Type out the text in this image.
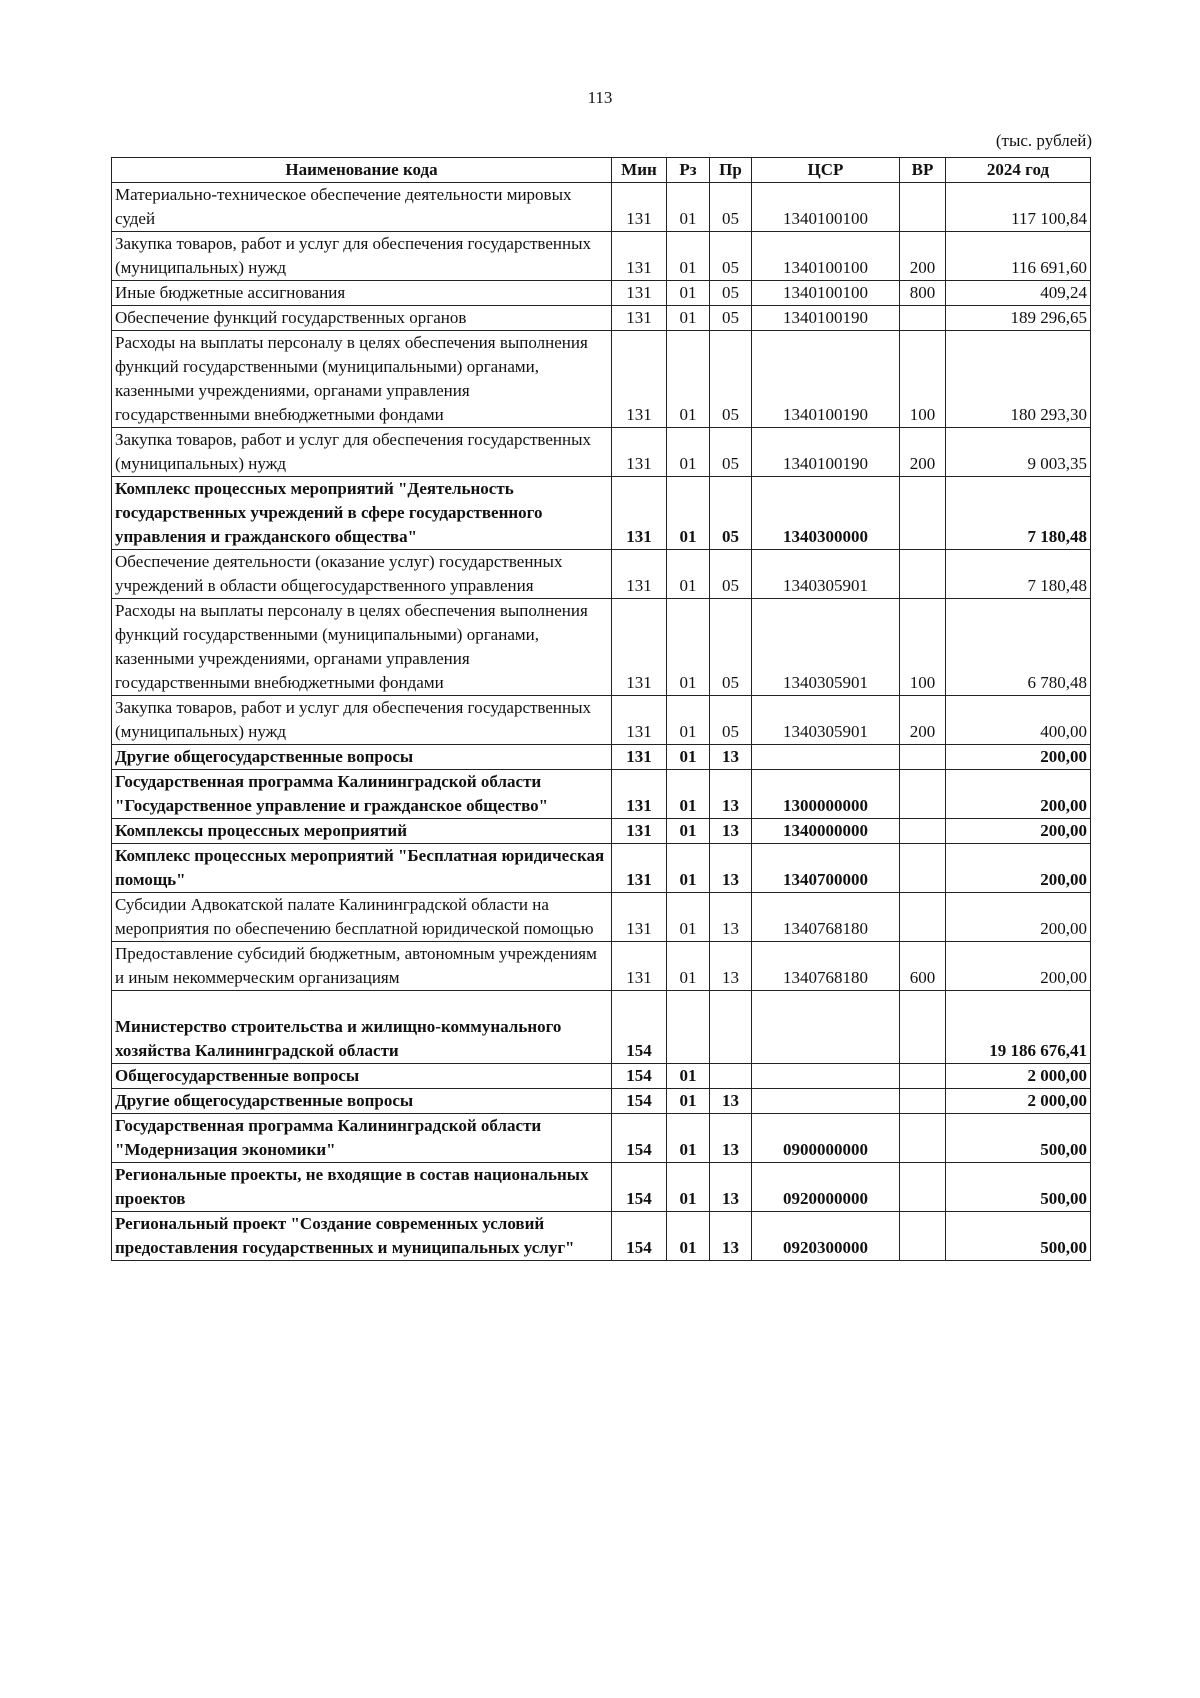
113
(тыс. рублей)
Наименование кода	Мин	Рз	Пр	ЦСР	ВР	2024 год
Материально-техническое обеспечение деятельности мировых судей	131	01	05	1340100100		117 100,84
Закупка товаров, работ и услуг для обеспечения государственных (муниципальных) нужд	131	01	05	1340100100	200	116 691,60
Иные бюджетные ассигнования	131	01	05	1340100100	800	409,24
Обеспечение функций государственных органов	131	01	05	1340100190		189 296,65
Расходы на выплаты персоналу в целях обеспечения выполнения функций государственными (муниципальными) органами, казенными учреждениями, органами управления государственными внебюджетными фондами	131	01	05	1340100190	100	180 293,30
Закупка товаров, работ и услуг для обеспечения государственных (муниципальных) нужд	131	01	05	1340100190	200	9 003,35
Комплекс процессных мероприятий "Деятельность государственных учреждений в сфере государственного управления и гражданского общества"	131	01	05	1340300000		7 180,48
Обеспечение деятельности (оказание услуг) государственных учреждений в области общегосударственного управления	131	01	05	1340305901		7 180,48
Расходы на выплаты персоналу в целях обеспечения выполнения функций государственными (муниципальными) органами, казенными учреждениями, органами управления государственными внебюджетными фондами	131	01	05	1340305901	100	6 780,48
Закупка товаров, работ и услуг для обеспечения государственных (муниципальных) нужд	131	01	05	1340305901	200	400,00
Другие общегосударственные вопросы	131	01	13			200,00
Государственная программа Калининградской области "Государственное управление и гражданское общество"	131	01	13	1300000000		200,00
Комплексы процессных мероприятий	131	01	13	1340000000		200,00
Комплекс процессных мероприятий "Бесплатная юридическая помощь"	131	01	13	1340700000		200,00
Субсидии Адвокатской палате Калининградской области на мероприятия по обеспечению бесплатной юридической помощью	131	01	13	1340768180		200,00
Предоставление субсидий бюджетным, автономным учреждениям и иным некоммерческим организациям	131	01	13	1340768180	600	200,00
Министерство строительства и жилищно-коммунального хозяйства Калининградской области	154					19 186 676,41
Общегосударственные вопросы	154	01				2 000,00
Другие общегосударственные вопросы	154	01	13			2 000,00
Государственная программа Калининградской области "Модернизация экономики"	154	01	13	0900000000		500,00
Региональные проекты, не входящие в состав национальных проектов	154	01	13	0920000000		500,00
Региональный проект "Создание современных условий предоставления государственных и муниципальных услуг"	154	01	13	0920300000		500,00
